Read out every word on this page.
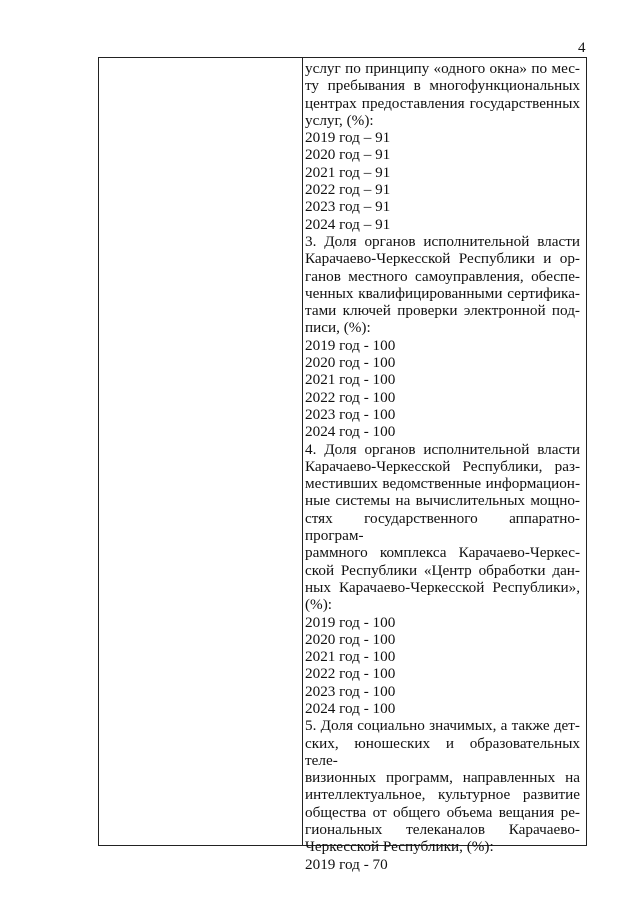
4
услуг по принципу «одного окна» по мес-
ту пребывания в многофункциональных
центрах предоставления государственных
услуг, (%):
2019 год – 91
2020 год – 91
2021 год – 91
2022 год – 91
2023 год – 91
2024 год – 91
3. Доля органов исполнительной власти
Карачаево-Черкесской Республики и ор-
ганов местного самоуправления, обеспе-
ченных квалифицированными сертифика-
тами ключей проверки электронной под-
писи, (%):
2019 год - 100
2020 год - 100
2021 год - 100
2022 год - 100
2023 год - 100
2024 год - 100
4. Доля органов исполнительной власти
Карачаево-Черкесской Республики, раз-
местивших ведомственные информацион-
ные системы на вычислительных мощно-
стях государственного аппаратно-програм-
раммного комплекса Карачаево-Черкес-
ской Республики «Центр обработки дан-
ных Карачаево-Черкесской Республики»,
(%):
2019 год - 100
2020 год - 100
2021 год - 100
2022 год - 100
2023 год - 100
2024 год - 100
5. Доля социально значимых, а также дет-
ских, юношеских и образовательных теле-
визионных программ, направленных на
интеллектуальное, культурное развитие
общества от общего объема вещания ре-
гиональных телеканалов Карачаево-
Черкесской Республики, (%):
2019 год - 70
